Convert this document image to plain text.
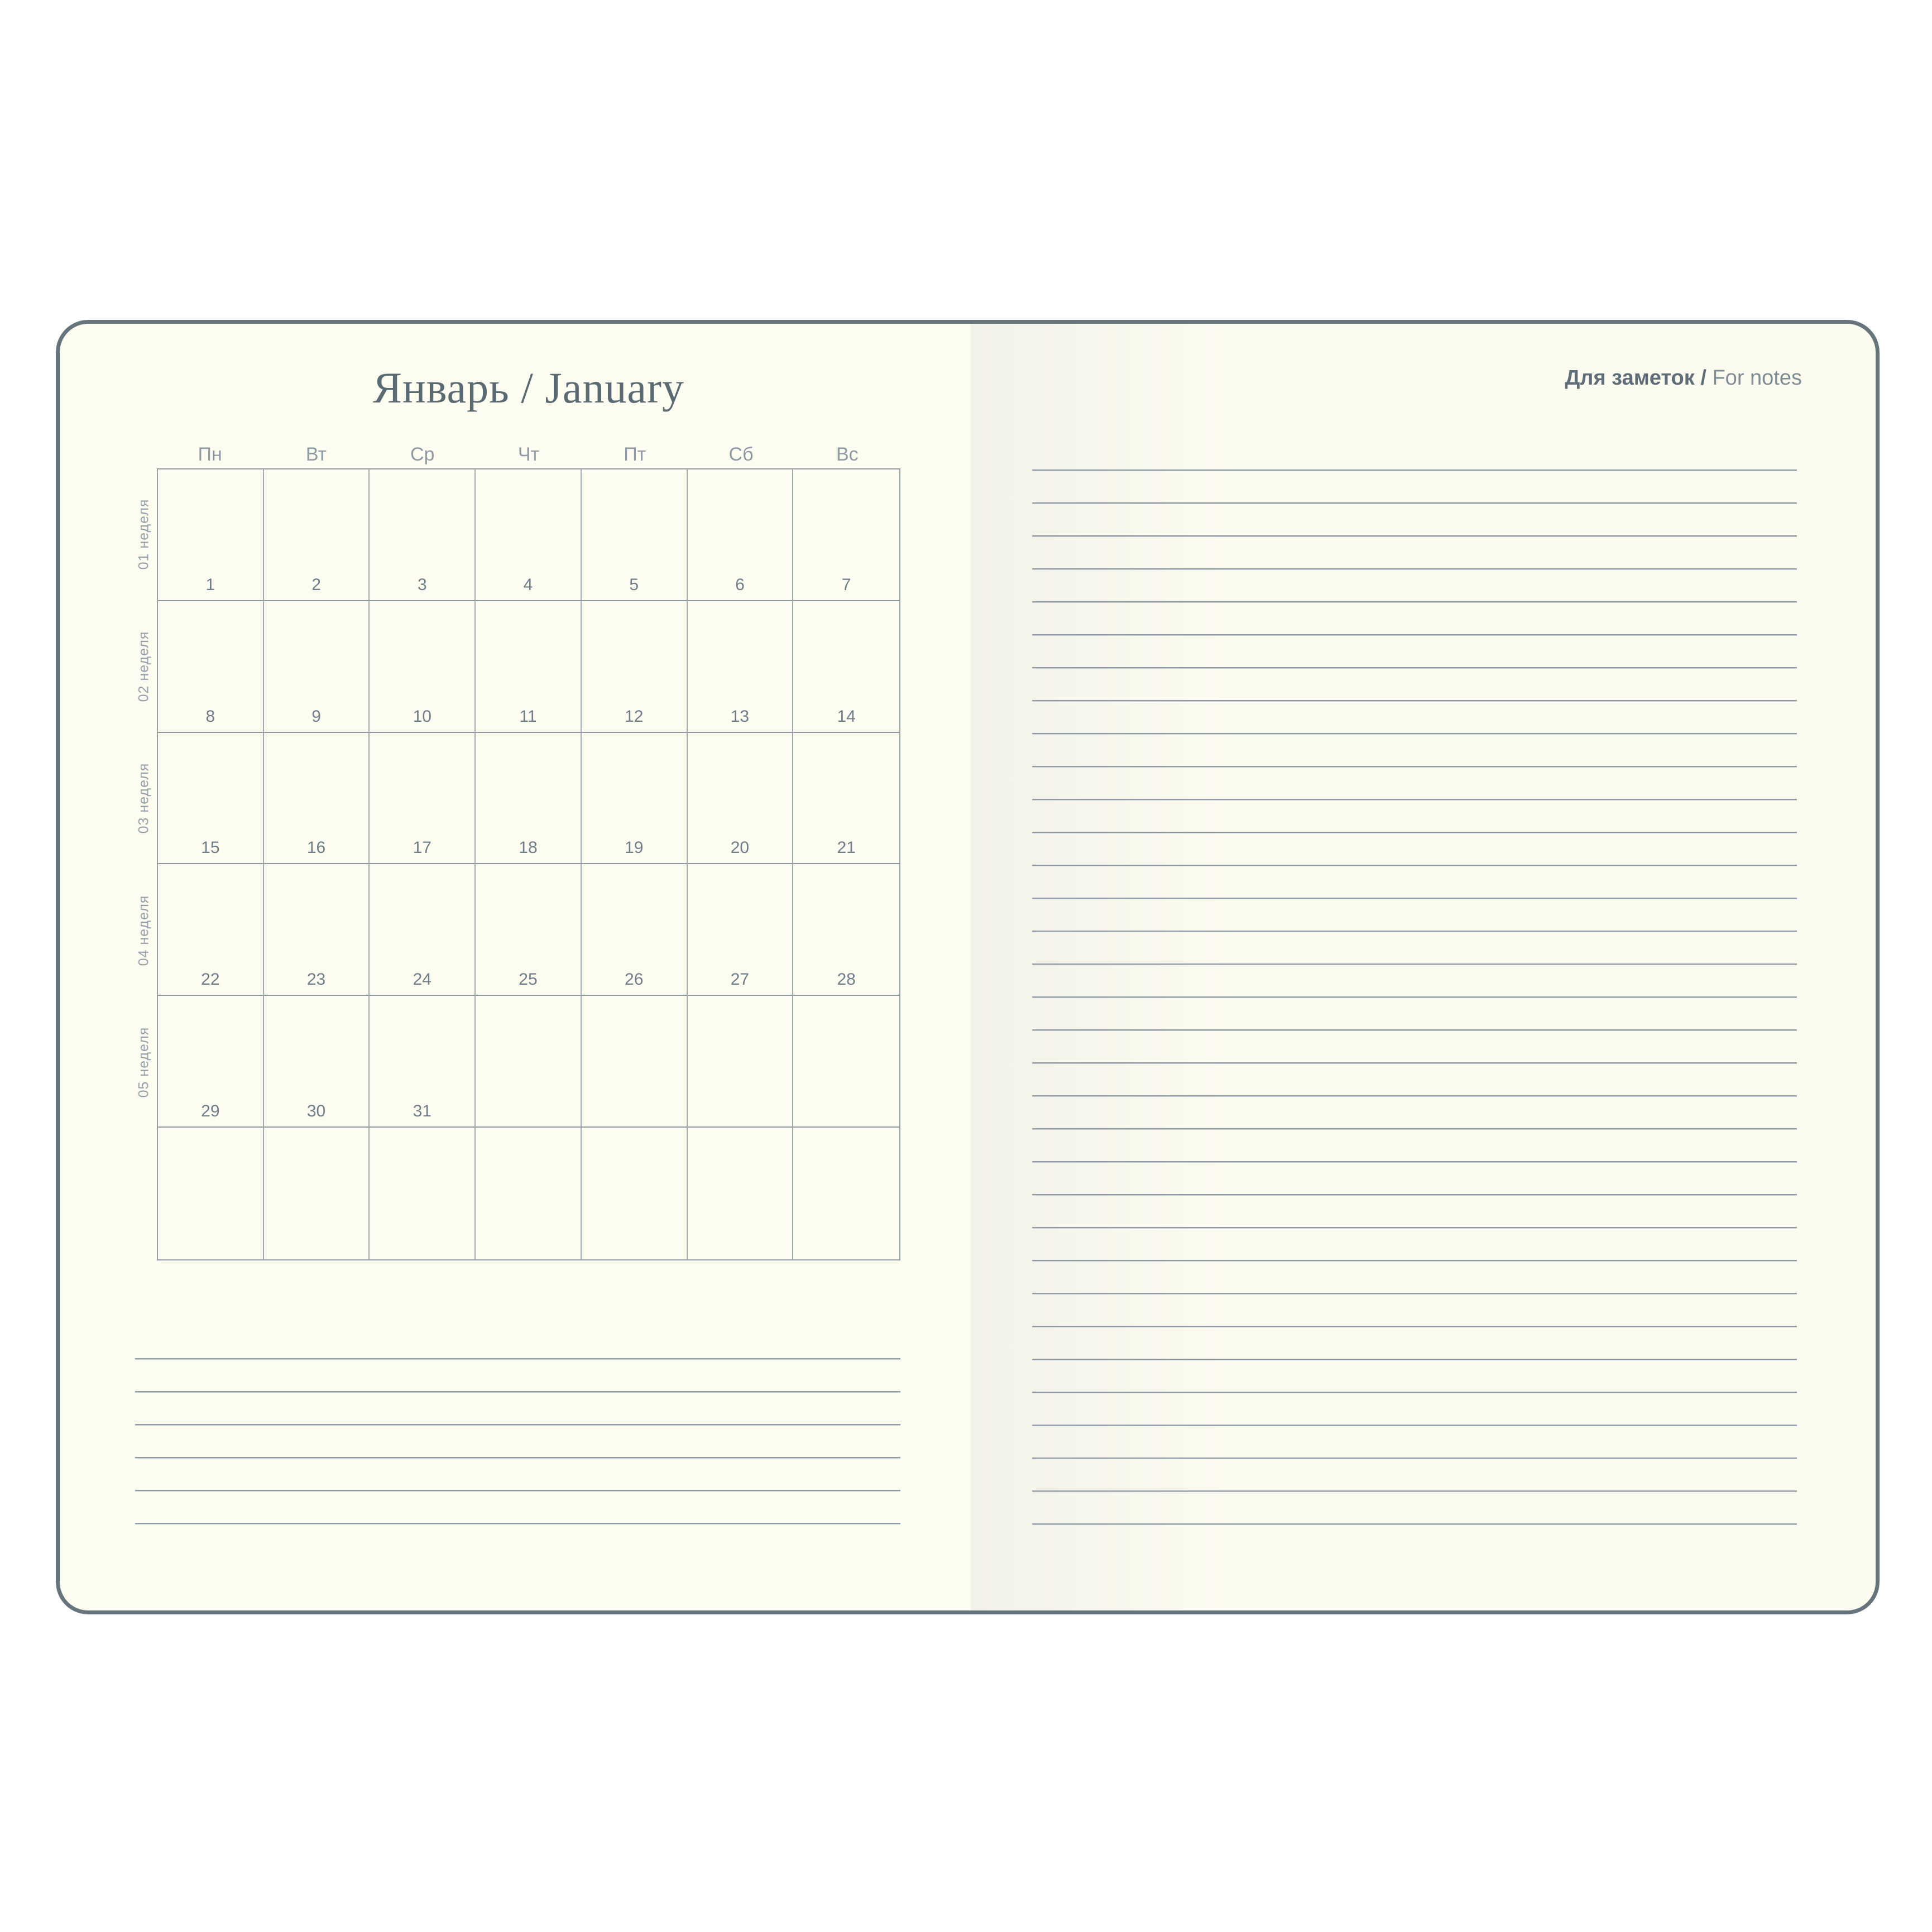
Январь / January
Пн	Вт	Ср	Чт	Пт	Сб	Вс
1	2	3	4	5	6	7
8	9	10	11	12	13	14
15	16	17	18	19	20	21
22	23	24	25	26	27	28
29	30	31
01 неделя
02 неделя
03 неделя
04 неделя
05 неделя
Для заметок / For notes
